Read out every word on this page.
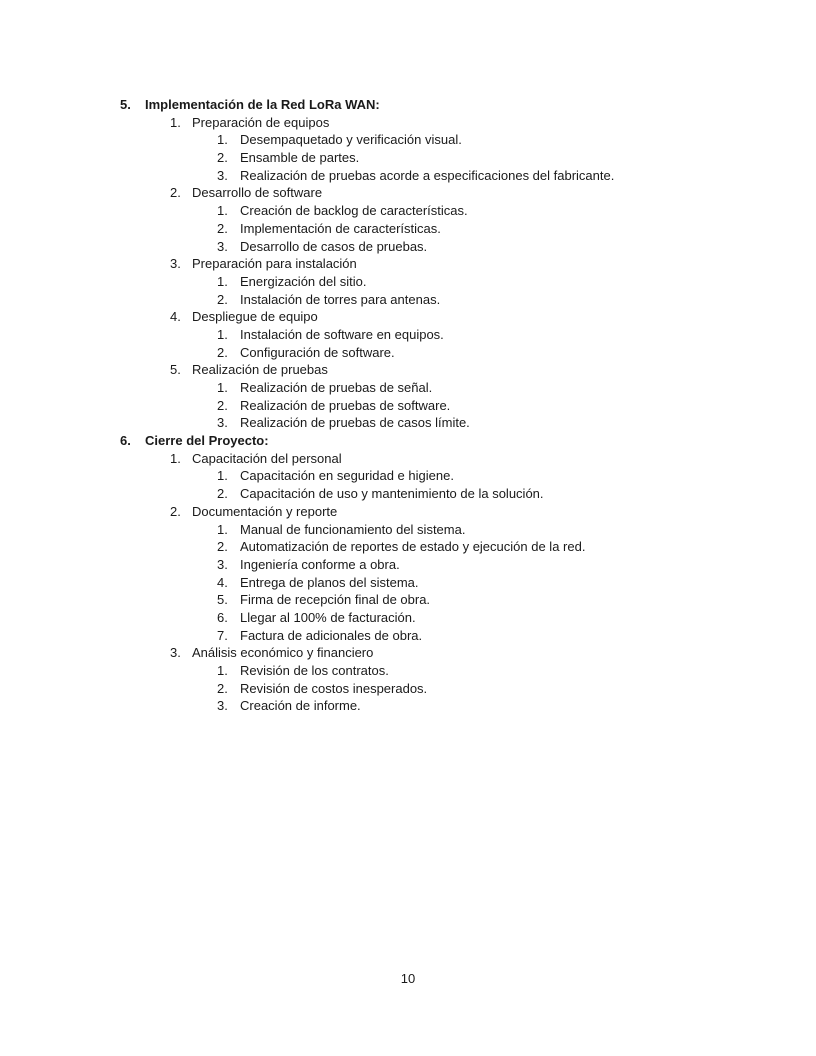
5. Implementación de la Red LoRa WAN:
1. Preparación de equipos
1. Desempaquetado y verificación visual.
2. Ensamble de partes.
3. Realización de pruebas acorde a especificaciones del fabricante.
2. Desarrollo de software
1. Creación de backlog de características.
2. Implementación de características.
3. Desarrollo de casos de pruebas.
3. Preparación para instalación
1. Energización del sitio.
2. Instalación de torres para antenas.
4. Despliegue de equipo
1. Instalación de software en equipos.
2. Configuración de software.
5. Realización de pruebas
1. Realización de pruebas de señal.
2. Realización de pruebas de software.
3. Realización de pruebas de casos límite.
6. Cierre del Proyecto:
1. Capacitación del personal
1. Capacitación en seguridad e higiene.
2. Capacitación de uso y mantenimiento de la solución.
2. Documentación y reporte
1. Manual de funcionamiento del sistema.
2. Automatización de reportes de estado y ejecución de la red.
3. Ingeniería conforme a obra.
4. Entrega de planos del sistema.
5. Firma de recepción final de obra.
6. Llegar al 100% de facturación.
7. Factura de adicionales de obra.
3. Análisis económico y financiero
1. Revisión de los contratos.
2. Revisión de costos inesperados.
3. Creación de informe.
10
